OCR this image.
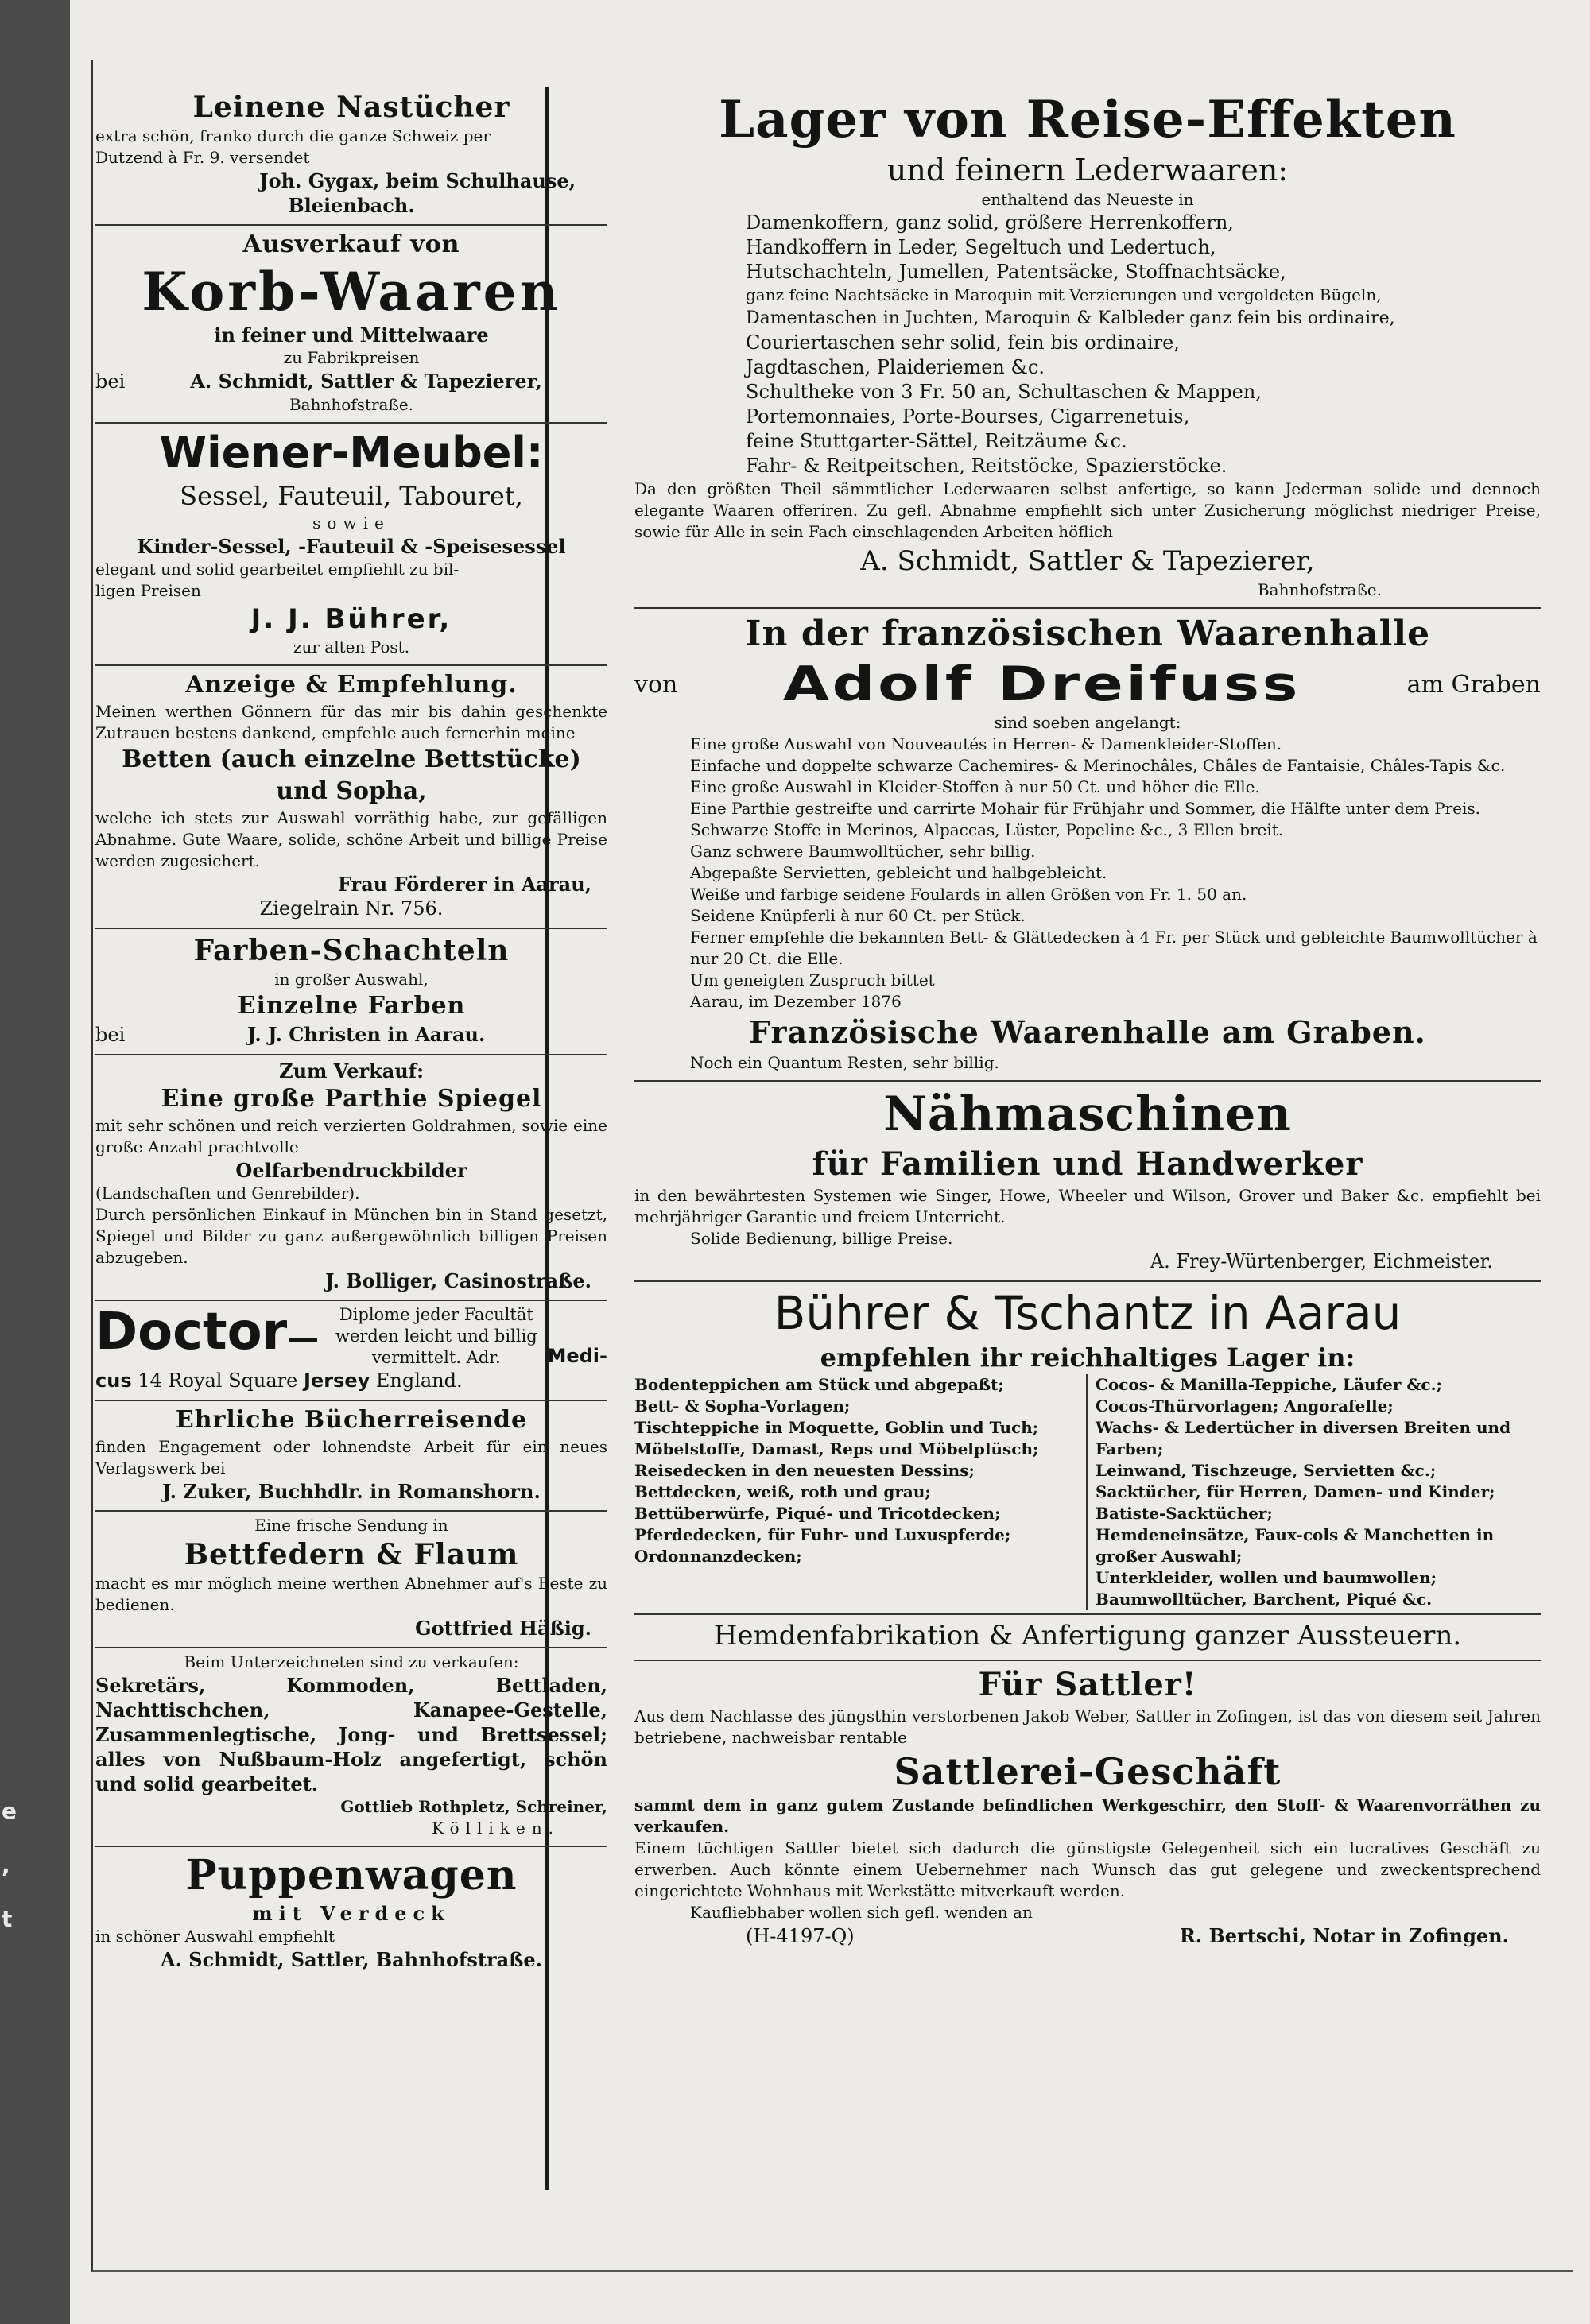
e
,
t
Leinene Nastücher
extra schön, franko durch die ganze Schweiz per
Dutzend à Fr. 9. versendet
Joh. Gygax, beim Schulhause,
Bleienbach.
Ausverkauf von
Korb-Waaren
in feiner und Mittelwaare
zu Fabrikpreisen
bei	A. Schmidt, Sattler & Tapezierer,
Bahnhofstraße.
Wiener-Meubel:
Sessel, Fauteuil, Tabouret,
sowie
Kinder-Sessel, -Fauteuil & -Speisesessel
elegant und solid gearbeitet empfiehlt zu bil-
ligen Preisen
J. J. Bührer,
zur alten Post.
Anzeige & Empfehlung.
Meinen werthen Gönnern für das mir bis dahin geschenkte Zutrauen bestens dankend, empfehle auch fernerhin meine
Betten (auch einzelne Bettstücke)
und Sopha,
welche ich stets zur Auswahl vorräthig habe, zur gefälligen Abnahme. Gute Waare, solide, schöne Arbeit und billige Preise werden zugesichert.
Frau Förderer in Aarau,
Ziegelrain Nr. 756.
Farben-Schachteln
in großer Auswahl,
Einzelne Farben
bei	J. J. Christen in Aarau.
Zum Verkauf:
Eine große Parthie Spiegel
mit sehr schönen und reich verzierten Goldrahmen, sowie eine große Anzahl prachtvolle
Oelfarbendruckbilder
(Landschaften und Genrebilder).
Durch persönlichen Einkauf in München bin in Stand gesetzt, Spiegel und Bilder zu ganz außergewöhnlich billigen Preisen abzugeben.
J. Bolliger, Casinostraße.
Doctor —
Diplome jeder Facultät werden leicht und billig vermittelt. Adr.	Medi-
cus 14 Royal Square Jersey England.
Ehrliche Bücherreisende
finden Engagement oder lohnendste Arbeit für ein neues Verlagswerk bei
J. Zuker, Buchhdlr. in Romanshorn.
Eine frische Sendung in
Bettfedern & Flaum
macht es mir möglich meine werthen Abnehmer auf's Beste zu bedienen.
Gottfried Häßig.
Beim Unterzeichneten sind zu verkaufen:
Sekretärs, Kommoden, Bettladen, Nachttischchen, Kanapee-Gestelle, Zusammenlegtische, Jong- und Brettsessel; alles von Nußbaum-Holz angefertigt, schön und solid gearbeitet.
Gottlieb Rothpletz, Schreiner,
Kölliken.
Puppenwagen
mit Verdeck
in schöner Auswahl empfiehlt
A. Schmidt, Sattler, Bahnhofstraße.
Lager von Reise-Effekten
und feinern Lederwaaren:
enthaltend das Neueste in
Damenkoffern, ganz solid, größere Herrenkoffern,
Handkoffern in Leder, Segeltuch und Ledertuch,
Hutschachteln, Jumellen, Patentsäcke, Stoffnachtsäcke,
ganz feine Nachtsäcke in Maroquin mit Verzierungen und vergoldeten Bügeln,
Damentaschen in Juchten, Maroquin & Kalbleder ganz fein bis ordinaire,
Couriertaschen sehr solid, fein bis ordinaire,
Jagdtaschen, Plaideriemen &c.
Schultheke von 3 Fr. 50 an, Schultaschen & Mappen,
Portemonnaies, Porte-Bourses, Cigarrenetuis,
feine Stuttgarter-Sättel, Reitzäume &c.
Fahr- & Reitpeitschen, Reitstöcke, Spazierstöcke.
Da den größten Theil sämmtlicher Lederwaaren selbst anfertige, so kann Jederman solide und dennoch elegante Waaren offeriren. Zu gefl. Abnahme empfiehlt sich unter Zusicherung möglichst niedriger Preise, sowie für Alle in sein Fach einschlagenden Arbeiten höflich
A. Schmidt, Sattler & Tapezierer,
Bahnhofstraße.
In der französischen Waarenhalle
von Adolf Dreifuss	am Graben
sind soeben angelangt:
Eine große Auswahl von Nouveautés in Herren- & Damenkleider-Stoffen.
Einfache und doppelte schwarze Cachemires- & Merinochâles, Châles de Fantaisie, Châles-Tapis &c.
Eine große Auswahl in Kleider-Stoffen à nur 50 Ct. und höher die Elle.
Eine Parthie gestreifte und carrirte Mohair für Frühjahr und Sommer, die Hälfte unter dem Preis.
Schwarze Stoffe in Merinos, Alpaccas, Lüster, Popeline &c., 3 Ellen breit.
Ganz schwere Baumwolltücher, sehr billig.
Abgepaßte Servietten, gebleicht und halbgebleicht.
Weiße und farbige seidene Foulards in allen Größen von Fr. 1. 50 an.
Seidene Knüpferli à nur 60 Ct. per Stück.
Ferner empfehle die bekannten Bett- & Glättedecken à 4 Fr. per Stück und gebleichte Baumwolltücher à nur 20 Ct. die Elle.
Um geneigten Zuspruch bittet
Aarau, im Dezember 1876
Französische Waarenhalle am Graben.
Noch ein Quantum Resten, sehr billig.
Nähmaschinen
für Familien und Handwerker
in den bewährtesten Systemen wie Singer, Howe, Wheeler und Wilson, Grover und Baker &c. empfiehlt bei mehrjähriger Garantie und freiem Unterricht.
Solide Bedienung, billige Preise.
A. Frey-Würtenberger, Eichmeister.
Bührer & Tschantz in Aarau
empfehlen ihr reichhaltiges Lager in:
Bodenteppichen am Stück und abgepaßt;
Bett- & Sopha-Vorlagen;
Tischteppiche in Moquette, Goblin und Tuch;
Möbelstoffe, Damast, Reps und Möbelplüsch;
Reisedecken in den neuesten Dessins;
Bettdecken, weiß, roth und grau;
Bettüberwürfe, Piqué- und Tricotdecken;
Pferdedecken, für Fuhr- und Luxuspferde;
Ordonnanzdecken;
Cocos- & Manilla-Teppiche, Läufer &c.;
Cocos-Thürvorlagen; Angorafelle;
Wachs- & Ledertücher in diversen Breiten und Farben;
Leinwand, Tischzeuge, Servietten &c.;
Sacktücher, für Herren, Damen- und Kinder;
Batiste-Sacktücher;
Hemdeneinsätze, Faux-cols & Manchetten in großer Auswahl;
Unterkleider, wollen und baumwollen;
Baumwolltücher, Barchent, Piqué &c.
Hemdenfabrikation & Anfertigung ganzer Aussteuern.
Für Sattler!
Aus dem Nachlasse des jüngsthin verstorbenen Jakob Weber, Sattler in Zofingen, ist das von diesem seit Jahren betriebene, nachweisbar rentable
Sattlerei-Geschäft
sammt dem in ganz gutem Zustande befindlichen Werkgeschirr, den Stoff- & Waarenvorräthen zu verkaufen.
Einem tüchtigen Sattler bietet sich dadurch die günstigste Gelegenheit sich ein lucratives Geschäft zu erwerben. Auch könnte einem Uebernehmer nach Wunsch das gut gelegene und zweckentsprechend eingerichtete Wohnhaus mit Werkstätte mitverkauft werden.
Kaufliebhaber wollen sich gefl. wenden an
(H-4197-Q)	R. Bertschi, Notar in Zofingen.
